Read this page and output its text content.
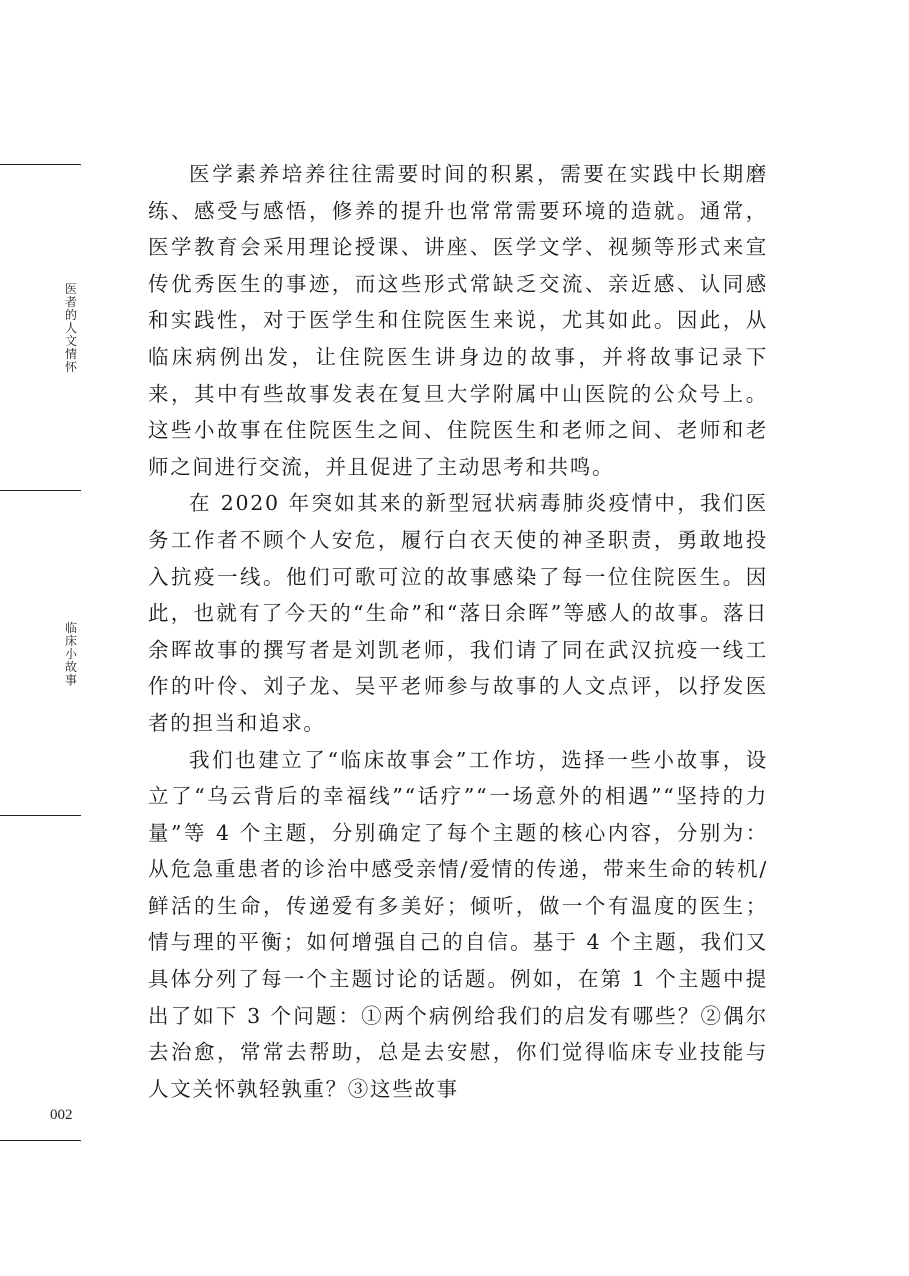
医者的人文情怀
临床小故事
002

医学素养培养往往需要时间的积累，需要在实践中长期磨练、感受与感悟，修养的提升也常常需要环境的造就。通常，医学教育会采用理论授课、讲座、医学文学、视频等形式来宣传优秀医生的事迹，而这些形式常缺乏交流、亲近感、认同感和实践性，对于医学生和住院医生来说，尤其如此。因此，从临床病例出发，让住院医生讲身边的故事，并将故事记录下来，其中有些故事发表在复旦大学附属中山医院的公众号上。这些小故事在住院医生之间、住院医生和老师之间、老师和老师之间进行交流，并且促进了主动思考和共鸣。

在 2020 年突如其来的新型冠状病毒肺炎疫情中，我们医务工作者不顾个人安危，履行白衣天使的神圣职责，勇敢地投入抗疫一线。他们可歌可泣的故事感染了每一位住院医生。因此，也就有了今天的“生命”和“落日余晖”等感人的故事。落日余晖故事的撰写者是刘凯老师，我们请了同在武汉抗疫一线工作的叶伶、刘子龙、吴平老师参与故事的人文点评，以抒发医者的担当和追求。

我们也建立了“临床故事会”工作坊，选择一些小故事，设立了“乌云背后的幸福线”“话疗”“一场意外的相遇”“坚持的力量”等 4 个主题，分别确定了每个主题的核心内容，分别为：从危急重患者的诊治中感受亲情/爱情的传递，带来生命的转机/鲜活的生命，传递爱有多美好；倾听，做一个有温度的医生；情与理的平衡；如何增强自己的自信。基于 4 个主题，我们又具体分列了每一个主题讨论的话题。例如，在第 1 个主题中提出了如下 3 个问题：①两个病例给我们的启发有哪些？②偶尔去治愈，常常去帮助，总是去安慰，你们觉得临床专业技能与人文关怀孰轻孰重？③这些故事
